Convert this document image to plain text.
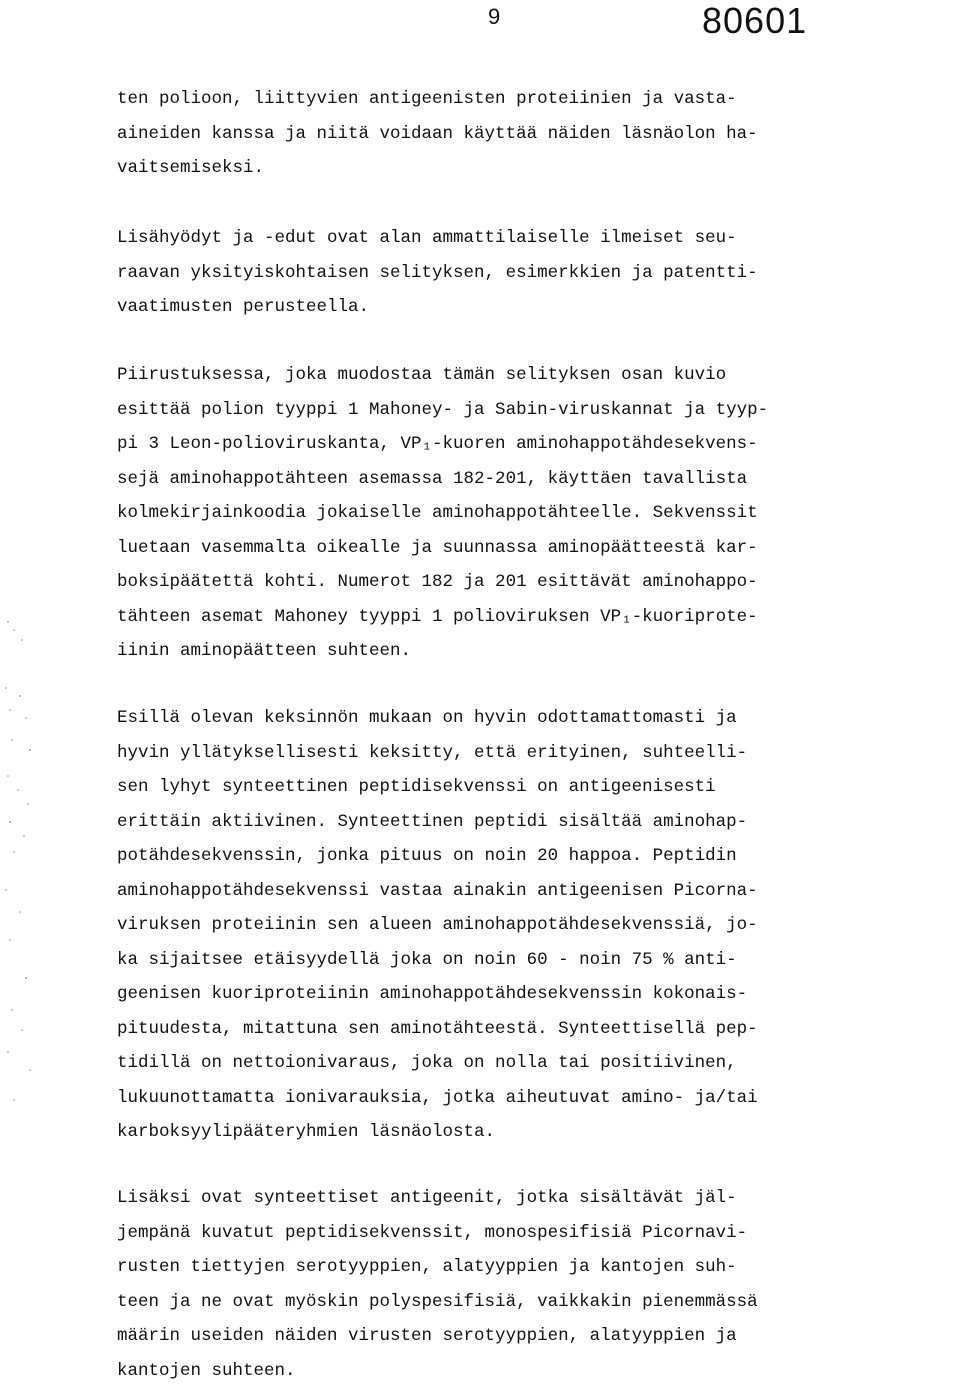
9	80601
ten polioon, liittyvien antigeenisten proteiinien ja vasta-
aineiden kanssa ja niitä voidaan käyttää näiden läsnäolon ha-
vaitsemiseksi.
Lisähyödyt ja -edut ovat alan ammattilaiselle ilmeiset seu-
raavan yksityiskohtaisen selityksen, esimerkkien ja patentti-
vaatimusten perusteella.
Piirustuksessa, joka muodostaa tämän selityksen osan kuvio
esittää polion tyyppi 1 Mahoney- ja Sabin-viruskannat ja tyyp-
pi 3 Leon-polioviruskanta, VP₁-kuoren aminohappotähdesekvens-
sejä aminohappotähteen asemassa 182-201, käyttäen tavallista
kolmekirjainkoodia jokaiselle aminohappotähteelle. Sekvenssit
luetaan vasemmalta oikealle ja suunnassa aminopäätteestä kar-
boksipäätettä kohti. Numerot 182 ja 201 esittävät aminohappo-
tähteen asemat Mahoney tyyppi 1 polioviruksen VP₁-kuoriprote-
iinin aminopäätteen suhteen.
Esillä olevan keksinnön mukaan on hyvin odottamattomasti ja
hyvin yllätyksellisesti keksitty, että erityinen, suhteelli-
sen lyhyt synteettinen peptidisekvenssi on antigeenisesti
erittäin aktiivinen. Synteettinen peptidi sisältää aminohap-
potähdesekvenssin, jonka pituus on noin 20 happoa. Peptidin
aminohappotähdesekvenssi vastaa ainakin antigeenisen Picorna-
viruksen proteiinin sen alueen aminohappotähdesekvenssiä, jo-
ka sijaitsee etäisyydellä joka on noin 60 - noin 75 % anti-
geenisen kuoriproteiinin aminohappotähdesekvenssin kokonais-
pituudesta, mitattuna sen aminotähteestä. Synteettisellä pep-
tidillä on nettoionivaraus, joka on nolla tai positiivinen,
lukuunottamatta ionivarauksia, jotka aiheutuvat amino- ja/tai
karboksyylipääteryhmien läsnäolosta.
Lisäksi ovat synteettiset antigeenit, jotka sisältävät jäl-
jempänä kuvatut peptidisekvenssit, monospesifisiä Picornavi-
rusten tiettyjen serotyyppien, alatyyppien ja kantojen suh-
teen ja ne ovat myöskin polyspesifisiä, vaikkakin pienemmässä
määrin useiden näiden virusten serotyyppien, alatyyppien ja
kantojen suhteen.
